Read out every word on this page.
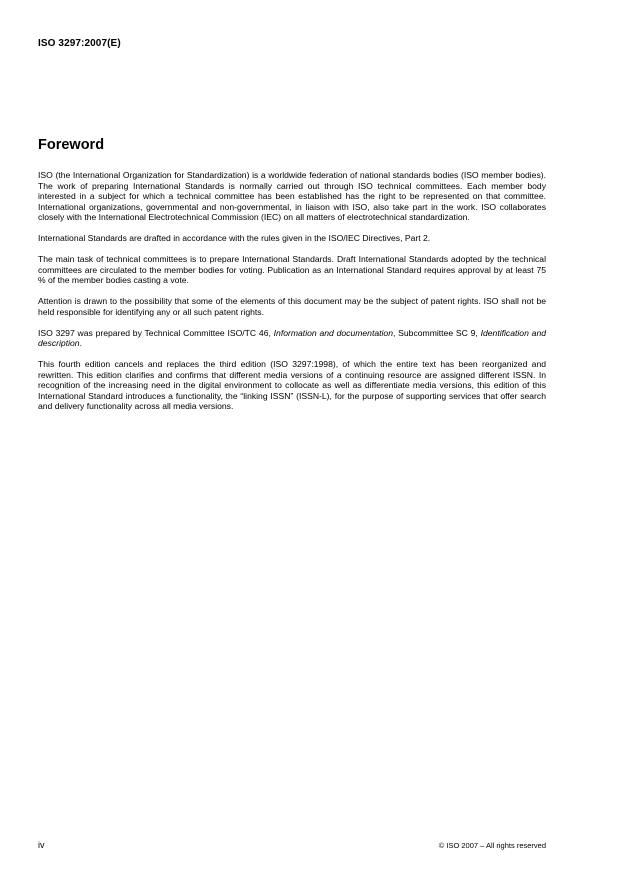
ISO 3297:2007(E)
Foreword

ISO (the International Organization for Standardization) is a worldwide federation of national standards bodies (ISO member bodies). The work of preparing International Standards is normally carried out through ISO technical committees. Each member body interested in a subject for which a technical committee has been established has the right to be represented on that committee. International organizations, governmental and non-governmental, in liaison with ISO, also take part in the work. ISO collaborates closely with the International Electrotechnical Commission (IEC) on all matters of electrotechnical standardization.

International Standards are drafted in accordance with the rules given in the ISO/IEC Directives, Part 2.

The main task of technical committees is to prepare International Standards. Draft International Standards adopted by the technical committees are circulated to the member bodies for voting. Publication as an International Standard requires approval by at least 75 % of the member bodies casting a vote.

Attention is drawn to the possibility that some of the elements of this document may be the subject of patent rights. ISO shall not be held responsible for identifying any or all such patent rights.

ISO 3297 was prepared by Technical Committee ISO/TC 46, Information and documentation, Subcommittee SC 9, Identification and description.

This fourth edition cancels and replaces the third edition (ISO 3297:1998), of which the entire text has been reorganized and rewritten. This edition clarifies and confirms that different media versions of a continuing resource are assigned different ISSN. In recognition of the increasing need in the digital environment to collocate as well as differentiate media versions, this edition of this International Standard introduces a functionality, the “linking ISSN” (ISSN-L), for the purpose of supporting services that offer search and delivery functionality across all media versions.

iv	© ISO 2007 – All rights reserved
